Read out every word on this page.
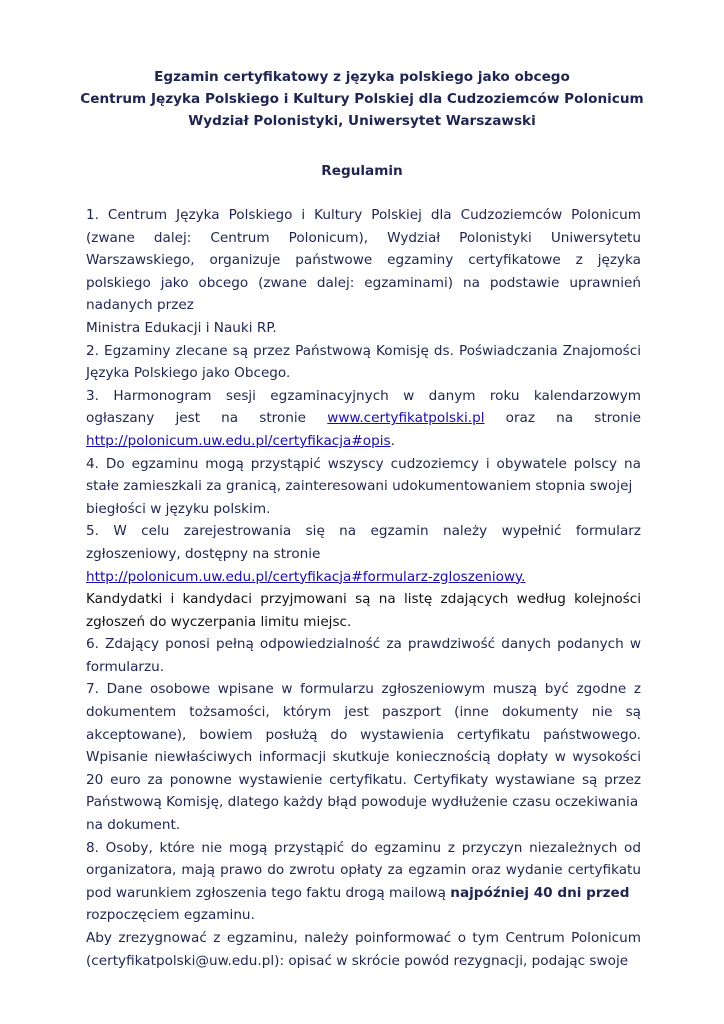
Egzamin certyfikatowy z języka polskiego jako obcego
Centrum Języka Polskiego i Kultury Polskiej dla Cudzoziemców Polonicum
Wydział Polonistyki, Uniwersytet Warszawski
Regulamin

1. Centrum Języka Polskiego i Kultury Polskiej dla Cudzoziemców Polonicum (zwane dalej: Centrum Polonicum), Wydział Polonistyki Uniwersytetu Warszawskiego, organizuje państwowe egzaminy certyfikatowe z języka polskiego jako obcego (zwane dalej: egzaminami) na podstawie uprawnień nadanych przez

Ministra Edukacji i Nauki RP.

2. Egzaminy zlecane są przez Państwową Komisję ds. Poświadczania Znajomości Języka Polskiego jako Obcego.

3. Harmonogram sesji egzaminacyjnych w danym roku kalendarzowym ogłaszany jest na stronie www.certyfikatpolski.pl oraz na stronie

http://polonicum.uw.edu.pl/certyfikacja#opis.

4. Do egzaminu mogą przystąpić wszyscy cudzoziemcy i obywatele polscy na stałe zamieszkali za granicą, zainteresowani udokumentowaniem stopnia swojej

biegłości w języku polskim.

5. W celu zarejestrowania się na egzamin należy wypełnić formularz

zgłoszeniowy, dostępny na stronie

http://polonicum.uw.edu.pl/certyfikacja#formularz-zgloszeniowy.

Kandydatki i kandydaci przyjmowani są na listę zdających według kolejności zgłoszeń do wyczerpania limitu miejsc.

6. Zdający ponosi pełną odpowiedzialność za prawdziwość danych podanych w formularzu.

7. Dane osobowe wpisane w formularzu zgłoszeniowym muszą być zgodne z dokumentem tożsamości, którym jest paszport (inne dokumenty nie są akceptowane), bowiem posłużą do wystawienia certyfikatu państwowego. Wpisanie niewłaściwych informacji skutkuje koniecznością dopłaty w wysokości 20 euro za ponowne wystawienie certyfikatu. Certyfikaty wystawiane są przez Państwową Komisję, dlatego każdy błąd powoduje wydłużenie czasu oczekiwania

na dokument.

8. Osoby, które nie mogą przystąpić do egzaminu z przyczyn niezależnych od organizatora, mają prawo do zwrotu opłaty za egzamin oraz wydanie certyfikatu pod warunkiem zgłoszenia tego faktu drogą mailową najpóźniej 40 dni przed

rozpoczęciem egzaminu.

Aby zrezygnować z egzaminu, należy poinformować o tym Centrum Polonicum (certyfikatpolski@uw.edu.pl): opisać w skrócie powód rezygnacji, podając swoje
